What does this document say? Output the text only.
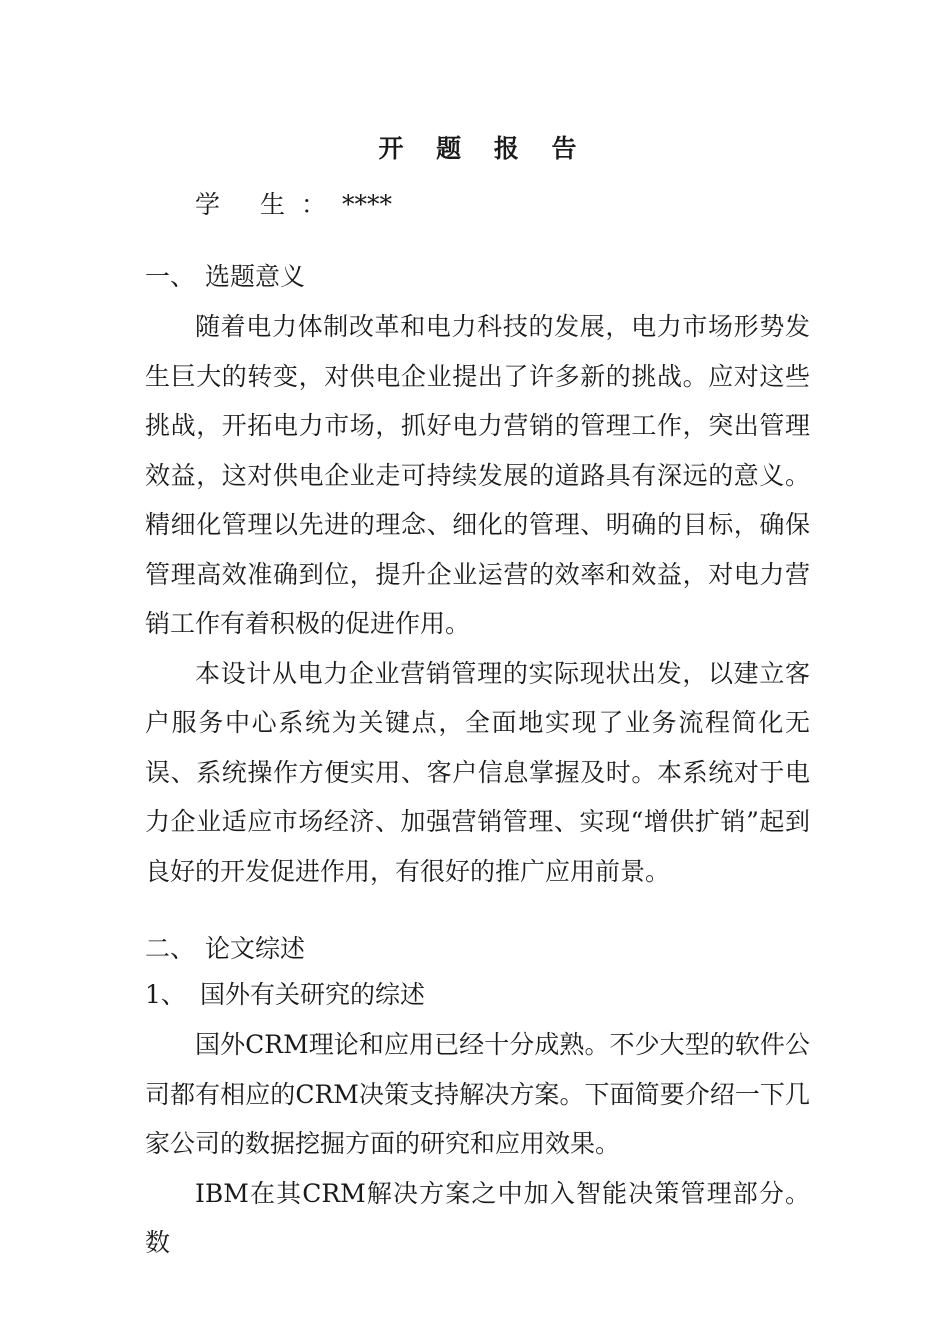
开 题 报 告
学 生：****
一、 选题意义

随着电力体制改革和电力科技的发展，电力市场形势发生巨大的转变，对供电企业提出了许多新的挑战。应对这些挑战，开拓电力市场，抓好电力营销的管理工作，突出管理效益，这对供电企业走可持续发展的道路具有深远的意义。精细化管理以先进的理念、细化的管理、明确的目标，确保管理高效准确到位，提升企业运营的效率和效益，对电力营销工作有着积极的促进作用。

本设计从电力企业营销管理的实际现状出发，以建立客户服务中心系统为关键点，全面地实现了业务流程简化无误、系统操作方便实用、客户信息掌握及时。本系统对于电力企业适应市场经济、加强营销管理、实现“增供扩销”起到良好的开发促进作用，有很好的推广应用前景。

二、 论文综述
1、 国外有关研究的综述

国外CRM理论和应用已经十分成熟。不少大型的软件公司都有相应的CRM决策支持解决方案。下面简要介绍一下几家公司的数据挖掘方面的研究和应用效果。

IBM在其CRM解决方案之中加入智能决策管理部分。数
